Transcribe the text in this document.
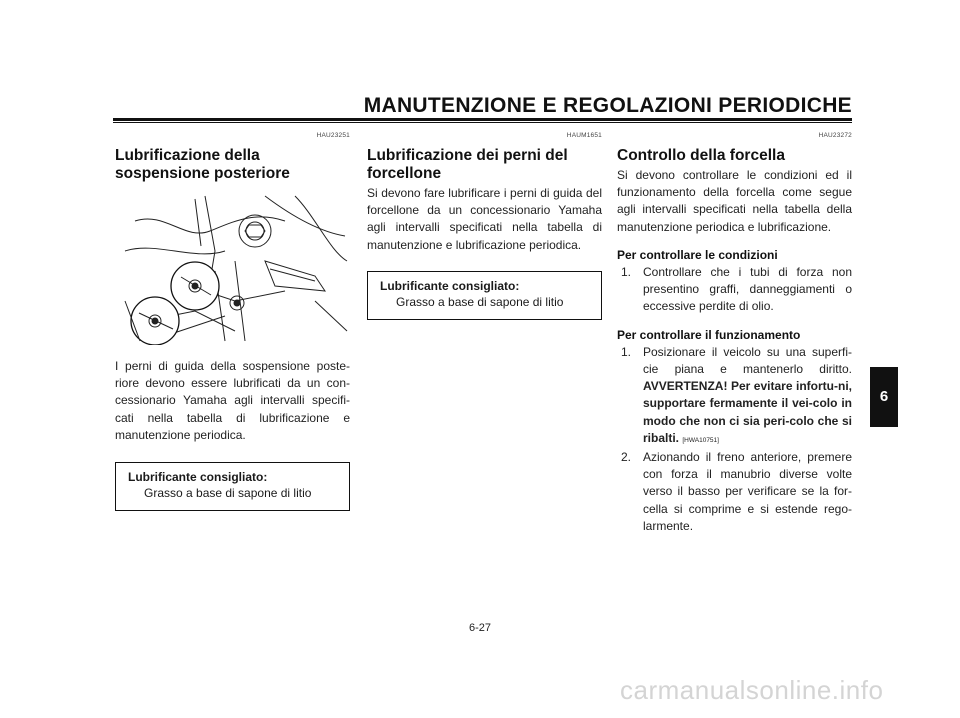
MANUTENZIONE E REGOLAZIONI PERIODICHE
HAU23251
Lubrificazione della
sospensione posteriore

I perni di guida della sospensione poste-riore devono essere lubrificati da un con-cessionario Yamaha agli intervalli specifi-cati nella tabella di lubrificazione e manutenzione periodica.

Lubrificante consigliato:
Grasso a base di sapone di litio
HAUM1651
Lubrificazione dei perni del
forcellone

Si devono fare lubrificare i perni di guida del forcellone da un concessionario Yamaha agli intervalli specificati nella tabella di manutenzione e lubrificazione periodica.

Lubrificante consigliato:
Grasso a base di sapone di litio
HAU23272
Controllo della forcella

Si devono controllare le condizioni ed il funzionamento della forcella come segue agli intervalli specificati nella tabella della manutenzione periodica e lubrificazione.

Per controllare le condizioni
1. Controllare che i tubi di forza non presentino graffi, danneggiamenti o eccessive perdite di olio.
Per controllare il funzionamento
1. Posizionare il veicolo su una superfi-cie piana e mantenerlo diritto. AVVERTENZA! Per evitare infortu-ni, supportare fermamente il vei-colo in modo che non ci sia peri-colo che si ribalti. [HWA10751]
2. Azionando il freno anteriore, premere con forza il manubrio diverse volte verso il basso per verificare se la for-cella si comprime e si estende rego-larmente.
6
6-27
carmanualsonline.info
